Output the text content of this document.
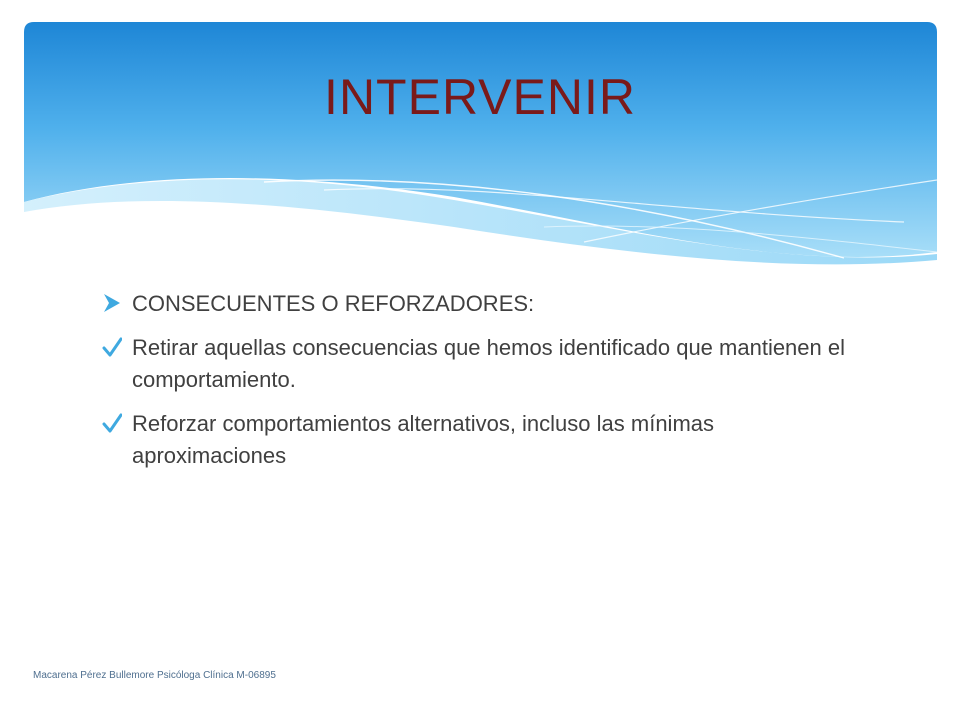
INTERVENIR
CONSECUENTES O REFORZADORES:
Retirar aquellas consecuencias que hemos identificado que mantienen el comportamiento.
Reforzar comportamientos alternativos, incluso las mínimas aproximaciones
Macarena Pérez Bullemore Psicóloga Clínica M-06895
